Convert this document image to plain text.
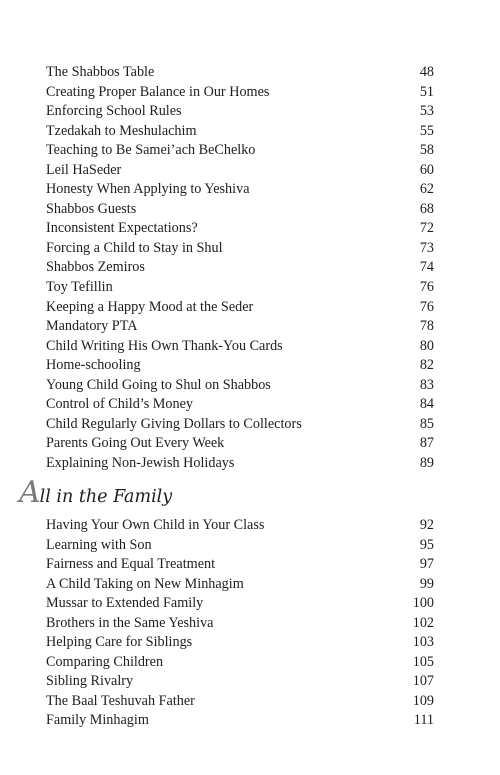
The Shabbos Table	48
Creating Proper Balance in Our Homes	51
Enforcing School Rules	53
Tzedakah to Meshulachim	55
Teaching to Be Samei’ach BeChelko	58
Leil HaSeder	60
Honesty When Applying to Yeshiva	62
Shabbos Guests	68
Inconsistent Expectations?	72
Forcing a Child to Stay in Shul	73
Shabbos Zemiros	74
Toy Tefillin	76
Keeping a Happy Mood at the Seder	76
Mandatory PTA	78
Child Writing His Own Thank-You Cards	80
Home-schooling	82
Young Child Going to Shul on Shabbos	83
Control of Child’s Money	84
Child Regularly Giving Dollars to Collectors	85
Parents Going Out Every Week	87
Explaining Non-Jewish Holidays	89
All in the Family
Having Your Own Child in Your Class	92
Learning with Son	95
Fairness and Equal Treatment	97
A Child Taking on New Minhagim	99
Mussar to Extended Family	100
Brothers in the Same Yeshiva	102
Helping Care for Siblings	103
Comparing Children	105
Sibling Rivalry	107
The Baal Teshuvah Father	109
Family Minhagim	111
